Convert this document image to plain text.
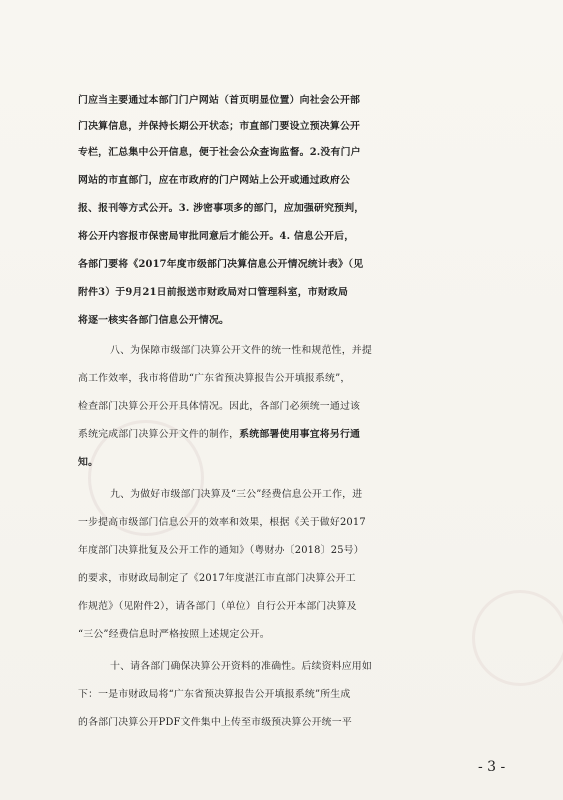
门应当主要通过本部门门户网站（首页明显位置）向社会公开部
门决算信息，并保持长期公开状态；市直部门要设立预决算公开
专栏，汇总集中公开信息，便于社会公众查询监督。2.没有门户
网站的市直部门，应在市政府的门户网站上公开或通过政府公
报、报刊等方式公开。3. 涉密事项多的部门，应加强研究预判，
将公开内容报市保密局审批同意后才能公开。4. 信息公开后，
各部门要将《2017年度市级部门决算信息公开情况统计表》（见
附件3）于9月21日前报送市财政局对口管理科室，市财政局
将逐一核实各部门信息公开情况。
八、为保障市级部门决算公开文件的统一性和规范性，并提
高工作效率，我市将借助“广东省预决算报告公开填报系统”，
检查部门决算公开公开具体情况。因此，各部门必须统一通过该
系统完成部门决算公开文件的制作，系统部署使用事宜将另行通
知。
九、为做好市级部门决算及“三公”经费信息公开工作，进
一步提高市级部门信息公开的效率和效果，根据《关于做好2017
年度部门决算批复及公开工作的通知》（粤财办〔2018〕25号）
的要求，市财政局制定了《2017年度湛江市直部门决算公开工
作规范》（见附件2），请各部门（单位）自行公开本部门决算及
“三公”经费信息时严格按照上述规定公开。
十、请各部门确保决算公开资料的准确性。后续资料应用如
下：一是市财政局将“广东省预决算报告公开填报系统”所生成
的各部门决算公开PDF文件集中上传至市级预决算公开统一平
- 3 -
